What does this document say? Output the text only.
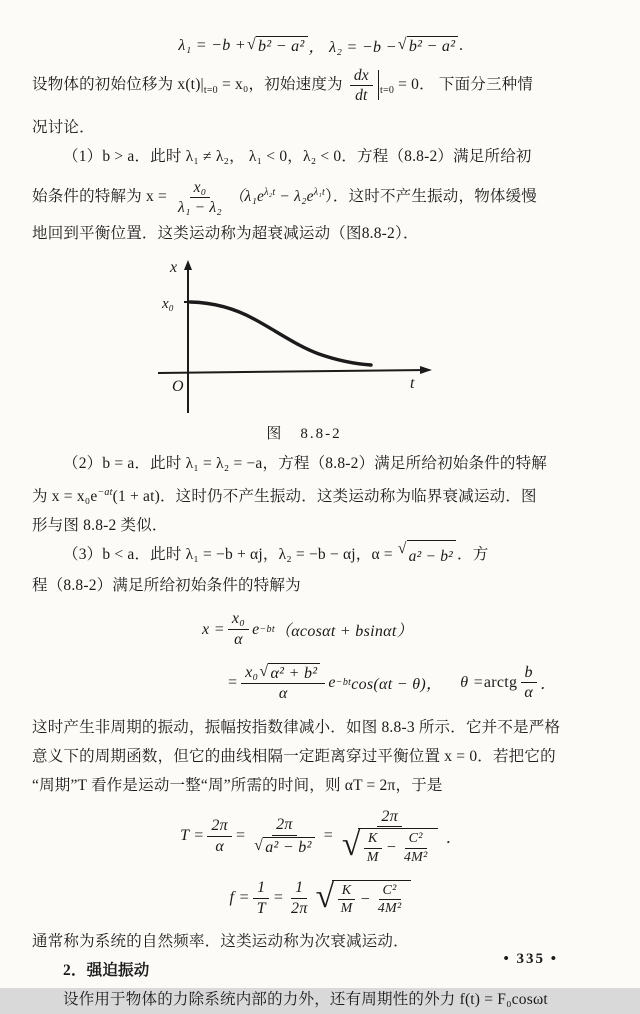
λ₁ = −b + √ b² − a² ， λ₂ = −b − √ b² − a² .
设物体的初始位移为 $x(t)|_{t=0} = x_0$，初始速度为 $\frac{dx}{dt} _{t=0} = 0$． 下面分三种情
况讨论．
（1）b > a．此时 λ₁ ≠ λ₂， λ₁ < 0，λ₂ < 0．方程（8.8-2）满足所给初
始条件的特解为 $x = \frac{\text{x₀}}{\text{λ₁ − λ₂}} (\lambda_1e^{\lambda_2t} - \lambda_2e^{\lambda_1t})$．这时不产生振动，物体缓慢
地回到平衡位置．这类运动称为超衰减运动（图8.8-2）．
x
x₀
O	t
图　8.8-2
（2）b = a．此时 λ₁ = λ₂ = −a，方程（8.8-2）满足所给初始条件的特解
为 $x = x_0e^{-at}(1 + at)$．这时仍不产生振动．这类运动称为临界衰减运动．图
形与图 8.8-2 类似．
（3）b < a．此时 λ₁ = −b + αj，λ₂ = −b − αj，α = √ a² − b² ．方
程（8.8-2）满足所给初始条件的特解为
$x = \frac{\text{x₀}}{\alpha}$ e −bt （αcosαt + bsinαt）
= $\frac{\text{x₀ √ α² + b²}}{\alpha}$ e −bt cos(αt − θ)， θ = arctg $\frac{b}{\alpha}$ ．
这时产生非周期的振动，振幅按指数律减小．如图 8.8-3 所示．它并不是严格
意义下的周期函数，但它的曲线相隔一定距离穿过平衡位置 x = 0．若把它的
“周期”T 看作是运动一整“周”所需的时间，则 αT = 2π，于是
$T = \frac{2\pi}{\alpha} = \frac{2\pi}{\text{√ a² − b²}} = \frac{2\pi}{√ \frac{K}{M} - \frac{\text{C²}}{\text{4M²}}}$ ．
$f = \frac{1}{T} = \frac{1}{2\pi}$ √ $\frac{K}{M} - \frac{\text{C²}}{\text{4M²}}$
通常称为系统的自然频率．这类运动称为次衰减运动．
2．强迫振动
设作用于物体的力除系统内部的力外，还有周期性的外力 f(t) = F₀cosωt
• 335 •
